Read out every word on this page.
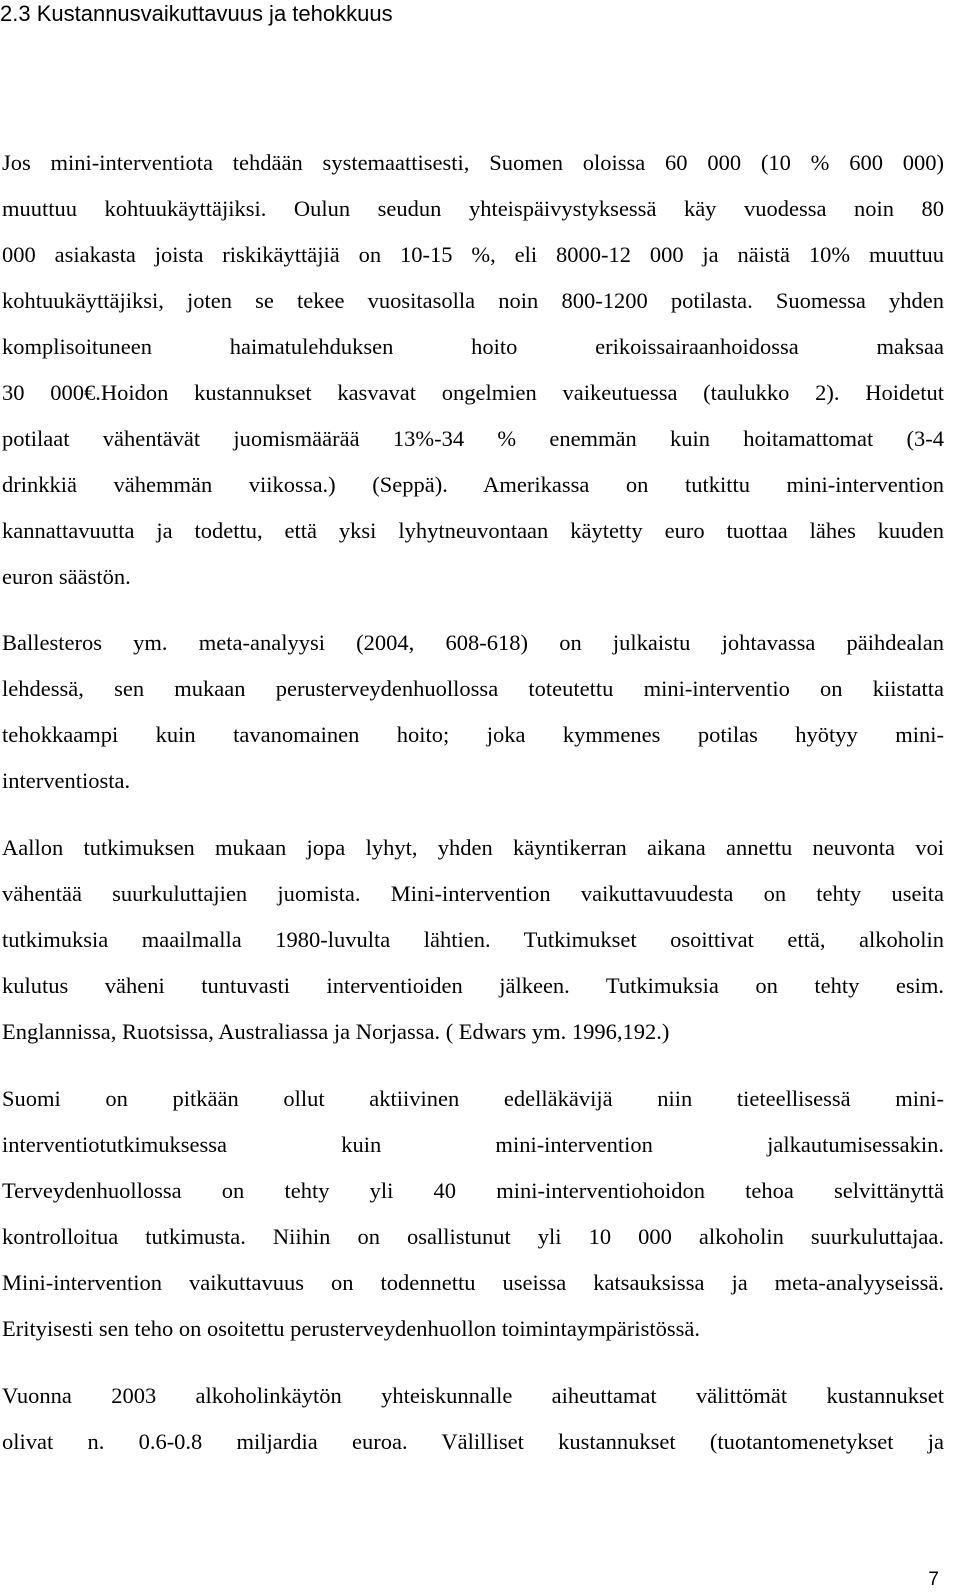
2.3 Kustannusvaikuttavuus ja tehokkuus
Jos mini-interventiota tehdään systemaattisesti, Suomen oloissa 60 000 (10 % 600 000)
muuttuu kohtuukäyttäjiksi. Oulun seudun yhteispäivystyksessä käy vuodessa noin 80
000 asiakasta joista riskikäyttäjiä on 10-15 %, eli 8000-12 000 ja näistä 10% muuttuu
kohtuukäyttäjiksi, joten se tekee vuositasolla noin 800-1200 potilasta. Suomessa yhden
komplisoituneen haimatulehduksen hoito erikoissairaanhoidossa maksaa
30 000€.Hoidon kustannukset kasvavat ongelmien vaikeutuessa (taulukko 2). Hoidetut
potilaat vähentävät juomismäärää 13%-34 % enemmän kuin hoitamattomat (3-4
drinkkiä vähemmän viikossa.) (Seppä). Amerikassa on tutkittu mini-intervention
kannattavuutta ja todettu, että yksi lyhytneuvontaan käytetty euro tuottaa lähes kuuden
euron säästön.
Ballesteros ym. meta-analyysi (2004, 608-618) on julkaistu johtavassa päihdealan
lehdessä, sen mukaan perusterveydenhuollossa toteutettu mini-interventio on kiistatta
tehokkaampi kuin tavanomainen hoito; joka kymmenes potilas hyötyy mini-
interventiosta.
Aallon tutkimuksen mukaan jopa lyhyt, yhden käyntikerran aikana annettu neuvonta voi
vähentää suurkuluttajien juomista. Mini-intervention vaikuttavuudesta on tehty useita
tutkimuksia maailmalla 1980-luvulta lähtien. Tutkimukset osoittivat että, alkoholin
kulutus väheni tuntuvasti interventioiden jälkeen. Tutkimuksia on tehty esim.
Englannissa, Ruotsissa, Australiassa ja Norjassa. ( Edwars ym. 1996,192.)
Suomi on pitkään ollut aktiivinen edelläkävijä niin tieteellisessä mini-
interventiotutkimuksessa kuin mini-intervention jalkautumisessakin.
Terveydenhuollossa on tehty yli 40 mini-interventiohoidon tehoa selvittänyttä
kontrolloitua tutkimusta. Niihin on osallistunut yli 10 000 alkoholin suurkuluttajaa.
Mini-intervention vaikuttavuus on todennettu useissa katsauksissa ja meta-analyyseissä.
Erityisesti sen teho on osoitettu perusterveydenhuollon toimintaympäristössä.
Vuonna 2003 alkoholinkäytön yhteiskunnalle aiheuttamat välittömät kustannukset
olivat n. 0.6-0.8 miljardia euroa. Välilliset kustannukset (tuotantomenetykset ja
7
